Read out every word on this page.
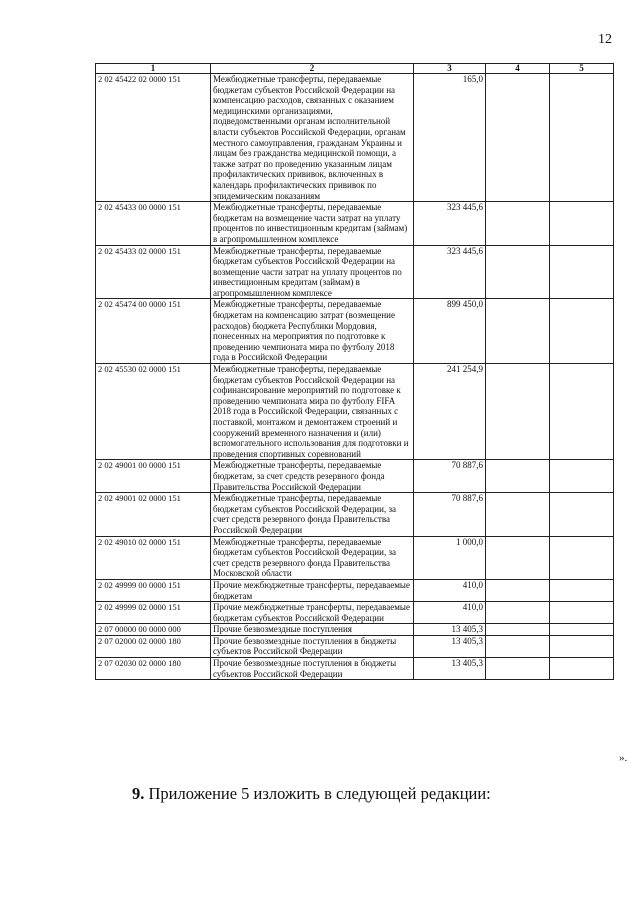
12
1	2	3	4	5
2 02 45422 02 0000 151	Межбюджетные трансферты, передаваемые бюджетам субъектов Российской Федерации на компенсацию расходов, связанных с оказанием медицинскими организациями, подведомственными органам исполнительной власти субъектов Российской Федерации, органам местного самоуправления, гражданам Украины и лицам без гражданства медицинской помощи, а также затрат по проведению указанным лицам профилактических прививок, включенных в календарь профилактических прививок по эпидемическим показаниям	165,0		
2 02 45433 00 0000 151	Межбюджетные трансферты, передаваемые бюджетам на возмещение части затрат на уплату процентов по инвестиционным кредитам (займам) в агропромышленном комплексе	323 445,6		
2 02 45433 02 0000 151	Межбюджетные трансферты, передаваемые бюджетам субъектов Российской Федерации на возмещение части затрат на уплату процентов по инвестиционным кредитам (займам) в агропромышленном комплексе	323 445,6		
2 02 45474 00 0000 151	Межбюджетные трансферты, передаваемые бюджетам на компенсацию затрат (возмещение расходов) бюджета Республики Мордовия, понесенных на мероприятия по подготовке к проведению чемпионата мира по футболу 2018 года в Российской Федерации	899 450,0		
2 02 45530 02 0000 151	Межбюджетные трансферты, передаваемые бюджетам субъектов Российской Федерации на софинансирование мероприятий по подготовке к проведению чемпионата мира по футболу FIFA 2018 года в Российской Федерации, связанных с поставкой, монтажом и демонтажем строений и сооружений временного назначения и (или) вспомогательного использования для подготовки и проведения спортивных соревнований	241 254,9		
2 02 49001 00 0000 151	Межбюджетные трансферты, передаваемые бюджетам, за счет средств резервного фонда Правительства Российской Федерации	70 887,6		
2 02 49001 02 0000 151	Межбюджетные трансферты, передаваемые бюджетам субъектов Российской Федерации, за счет средств резервного фонда Правительства Российской Федерации	70 887,6		
2 02 49010 02 0000 151	Межбюджетные трансферты, передаваемые бюджетам субъектов Российской Федерации, за счет средств резервного фонда Правительства Московской области	1 000,0		
2 02 49999 00 0000 151	Прочие межбюджетные трансферты, передаваемые бюджетам	410,0		
2 02 49999 02 0000 151	Прочие межбюджетные трансферты, передаваемые бюджетам субъектов Российской Федерации	410,0		
2 07 00000 00 0000 000	Прочие безвозмездные поступления	13 405,3		
2 07 02000 02 0000 180	Прочие безвозмездные поступления в бюджеты субъектов Российской Федерации	13 405,3		
2 07 02030 02 0000 180	Прочие безвозмездные поступления в бюджеты субъектов Российской Федерации	13 405,3		
».
9. Приложение 5 изложить в следующей редакции:
